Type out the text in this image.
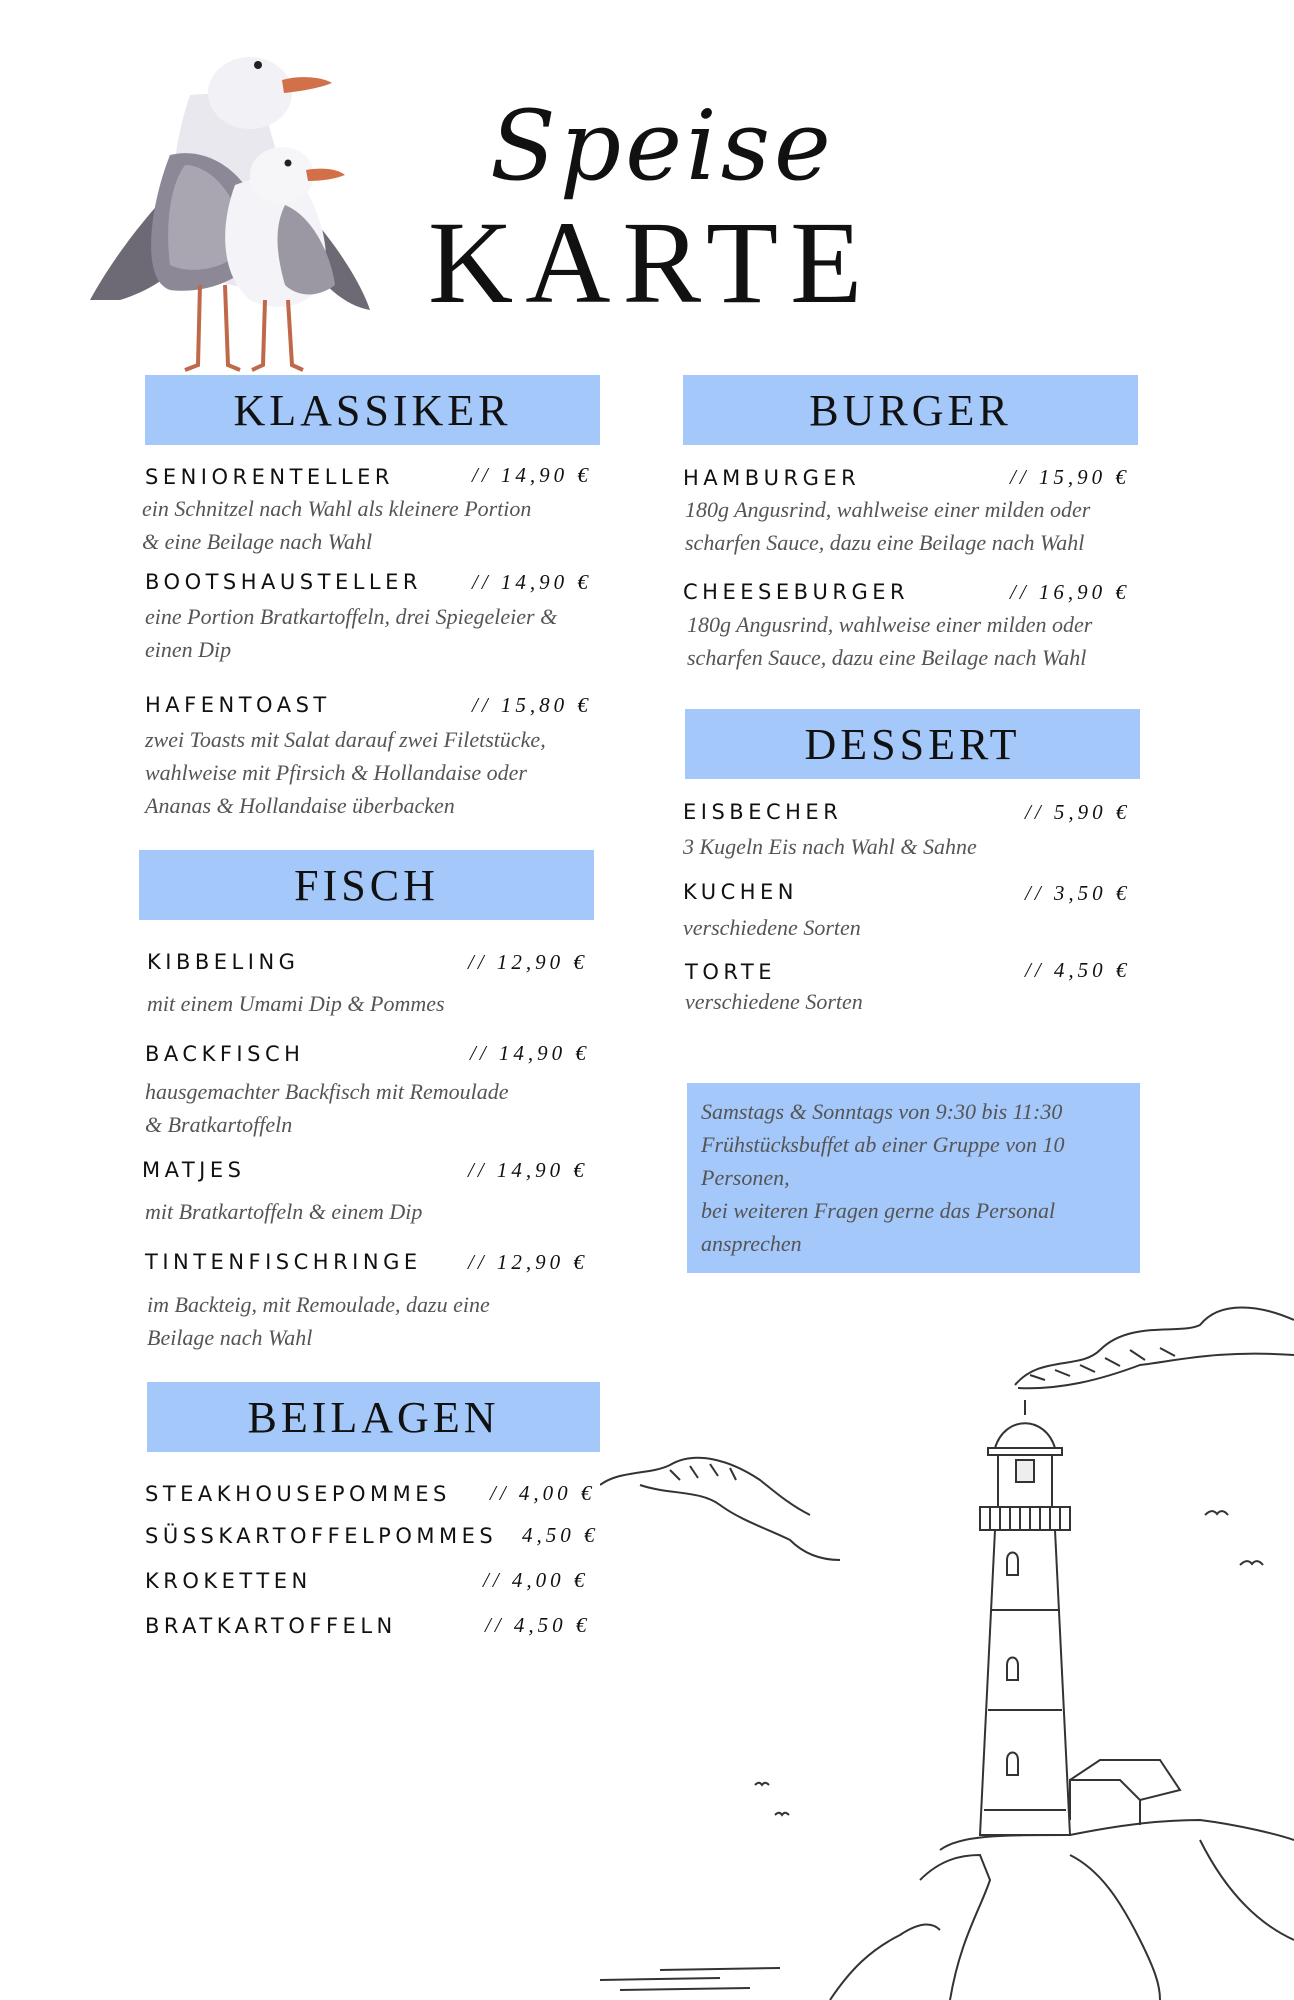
Speise
KARTE
KLASSIKER
SENIORENTELLER	// 14,90 €
ein Schnitzel nach Wahl als kleinere Portion
& eine Beilage nach Wahl
BOOTSHAUSTELLER // 14,90 €
eine Portion Bratkartoffeln, drei Spiegeleier &
einen Dip
HAFENTOAST	// 15,80 €
zwei Toasts mit Salat darauf zwei Filetstücke,
wahlweise mit Pfirsich & Hollandaise oder
Ananas & Hollandaise überbacken
FISCH
KIBBELING	// 12,90 €
mit einem Umami Dip & Pommes
BACKFISCH	// 14,90 €
hausgemachter Backfisch mit Remoulade
& Bratkartoffeln
MATJES	// 14,90 €
mit Bratkartoffeln & einem Dip
TINTENFISCHRINGE // 12,90 €
im Backteig, mit Remoulade, dazu eine
Beilage nach Wahl
BEILAGEN
STEAKHOUSEPOMMES // 4,00 €
SÜSSKARTOFFELPOMMES 4,50 €
KROKETTEN	// 4,00 €
BRATKARTOFFELN	// 4,50 €
BURGER
HAMBURGER	// 15,90 €
180g Angusrind, wahlweise einer milden oder
scharfen Sauce, dazu eine Beilage nach Wahl
CHEESEBURGER	// 16,90 €
180g Angusrind, wahlweise einer milden oder
scharfen Sauce, dazu eine Beilage nach Wahl
DESSERT
EISBECHER	// 5,90 €
3 Kugeln Eis nach Wahl & Sahne
KUCHEN	// 3,50 €
verschiedene Sorten
TORTE	// 4,50 €
verschiedene Sorten
Samstags & Sonntags von 9:30 bis 11:30
Frühstücksbuffet ab einer Gruppe von 10
Personen,
bei weiteren Fragen gerne das Personal
ansprechen
